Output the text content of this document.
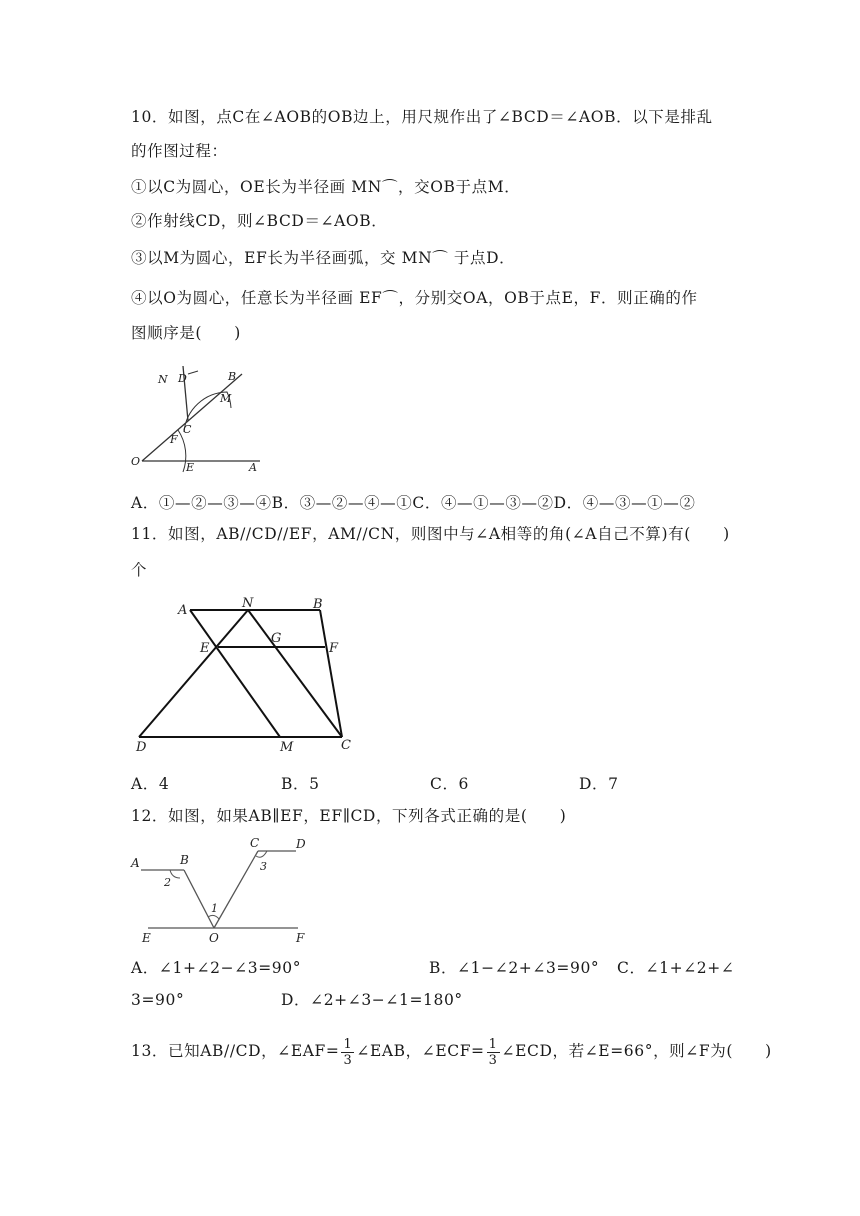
10．如图，点C在∠AOB的OB边上，用尺规作出了∠BCD＝∠AOB．以下是排乱
的作图过程：
①以C为圆心，OE长为半径画 MN⌒，交OB于点M．
②作射线CD，则∠BCD＝∠AOB．
③以M为圆心，EF长为半径画弧，交 MN⌒ 于点D．
④以O为圆心，任意长为半径画 EF⌒，分别交OA，OB于点E，F．则正确的作
图顺序是(　　)
N D	B
M
C
F
O	E	A
A．①—②—③—④B．③—②—④—①C．④—①—③—②D．④—③—①—②
11．如图，AB//CD//EF，AM//CN，则图中与∠A相等的角(∠A自己不算)有(　　)
个
A	N	B
E
G
F
D	M	C
A．4	B．5	C．6	D．7
12．如图，如果AB∥EF，EF∥CD，下列各式正确的是(　　)
A	B
C	D
E	O	F
1
2
3
A．∠1+∠2−∠3=90°	B．∠1−∠2+∠3=90° C．∠1+∠2+∠
3=90°	D．∠2+∠3−∠1=180°
13．已知AB//CD，∠EAF= $\frac{1}{3}$ ∠EAB，∠ECF= $\frac{1}{3}$ ∠ECD，若∠E=66°，则∠F为(　　)
